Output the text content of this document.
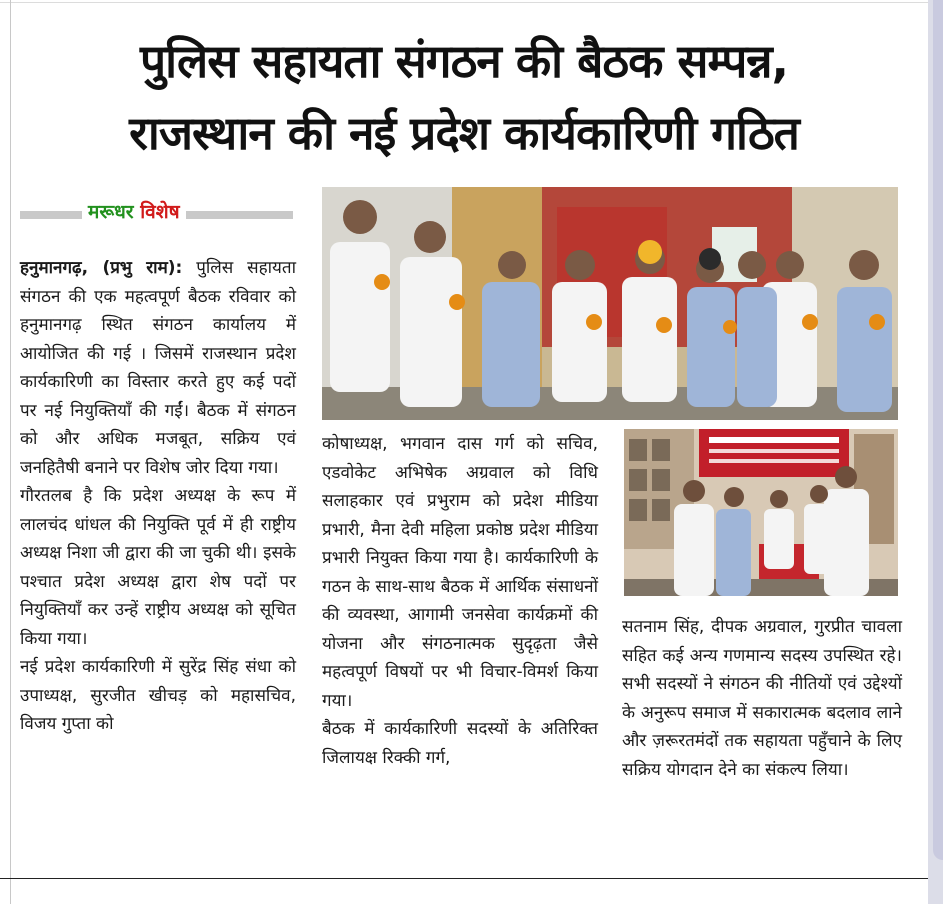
पुलिस सहायता संगठन की बैठक सम्पन्न,
राजस्थान की नई प्रदेश कार्यकारिणी गठित
मरूधर विशेष

हनुमानगढ़, (प्रभु राम): पुलिस सहायता संगठन की एक महत्वपूर्ण बैठक रविवार को हनुमानगढ़ स्थित संगठन कार्यालय में आयोजित की गई । जिसमें राजस्थान प्रदेश कार्यकारिणी का विस्तार करते हुए कई पदों पर नई नियुक्तियाँ की गईं। बैठक में संगठन को और अधिक मजबूत, सक्रिय एवं जनहितैषी बनाने पर विशेष जोर दिया गया।

गौरतलब है कि प्रदेश अध्यक्ष के रूप में लालचंद धांधल की नियुक्ति पूर्व में ही राष्ट्रीय अध्यक्ष निशा जी द्वारा की जा चुकी थी। इसके पश्चात प्रदेश अध्यक्ष द्वारा शेष पदों पर नियुक्तियाँ कर उन्हें राष्ट्रीय अध्यक्ष को सूचित किया गया।

नई प्रदेश कार्यकारिणी में सुरेंद्र सिंह संधा को उपाध्यक्ष, सुरजीत खीचड़ को महासचिव, विजय गुप्ता को

कोषाध्यक्ष, भगवान दास गर्ग को सचिव, एडवोकेट अभिषेक अग्रवाल को विधि सलाहकार एवं प्रभुराम को प्रदेश मीडिया प्रभारी, मैना देवी महिला प्रकोष्ठ प्रदेश मीडिया प्रभारी नियुक्त किया गया है। कार्यकारिणी के गठन के साथ-साथ बैठक में आर्थिक संसाधनों की व्यवस्था, आगामी जनसेवा कार्यक्रमों की योजना और संगठनात्मक सुदृढ़ता जैसे महत्वपूर्ण विषयों पर भी विचार-विमर्श किया गया।

बैठक में कार्यकारिणी सदस्यों के अतिरिक्त जिलायक्ष रिक्की गर्ग,

सतनाम सिंह, दीपक अग्रवाल, गुरप्रीत चावला सहित कई अन्य गणमान्य सदस्य उपस्थित रहे। सभी सदस्यों ने संगठन की नीतियों एवं उद्देश्यों के अनुरूप समाज में सकारात्मक बदलाव लाने और ज़रूरतमंदों तक सहायता पहुँचाने के लिए सक्रिय योगदान देने का संकल्प लिया।
